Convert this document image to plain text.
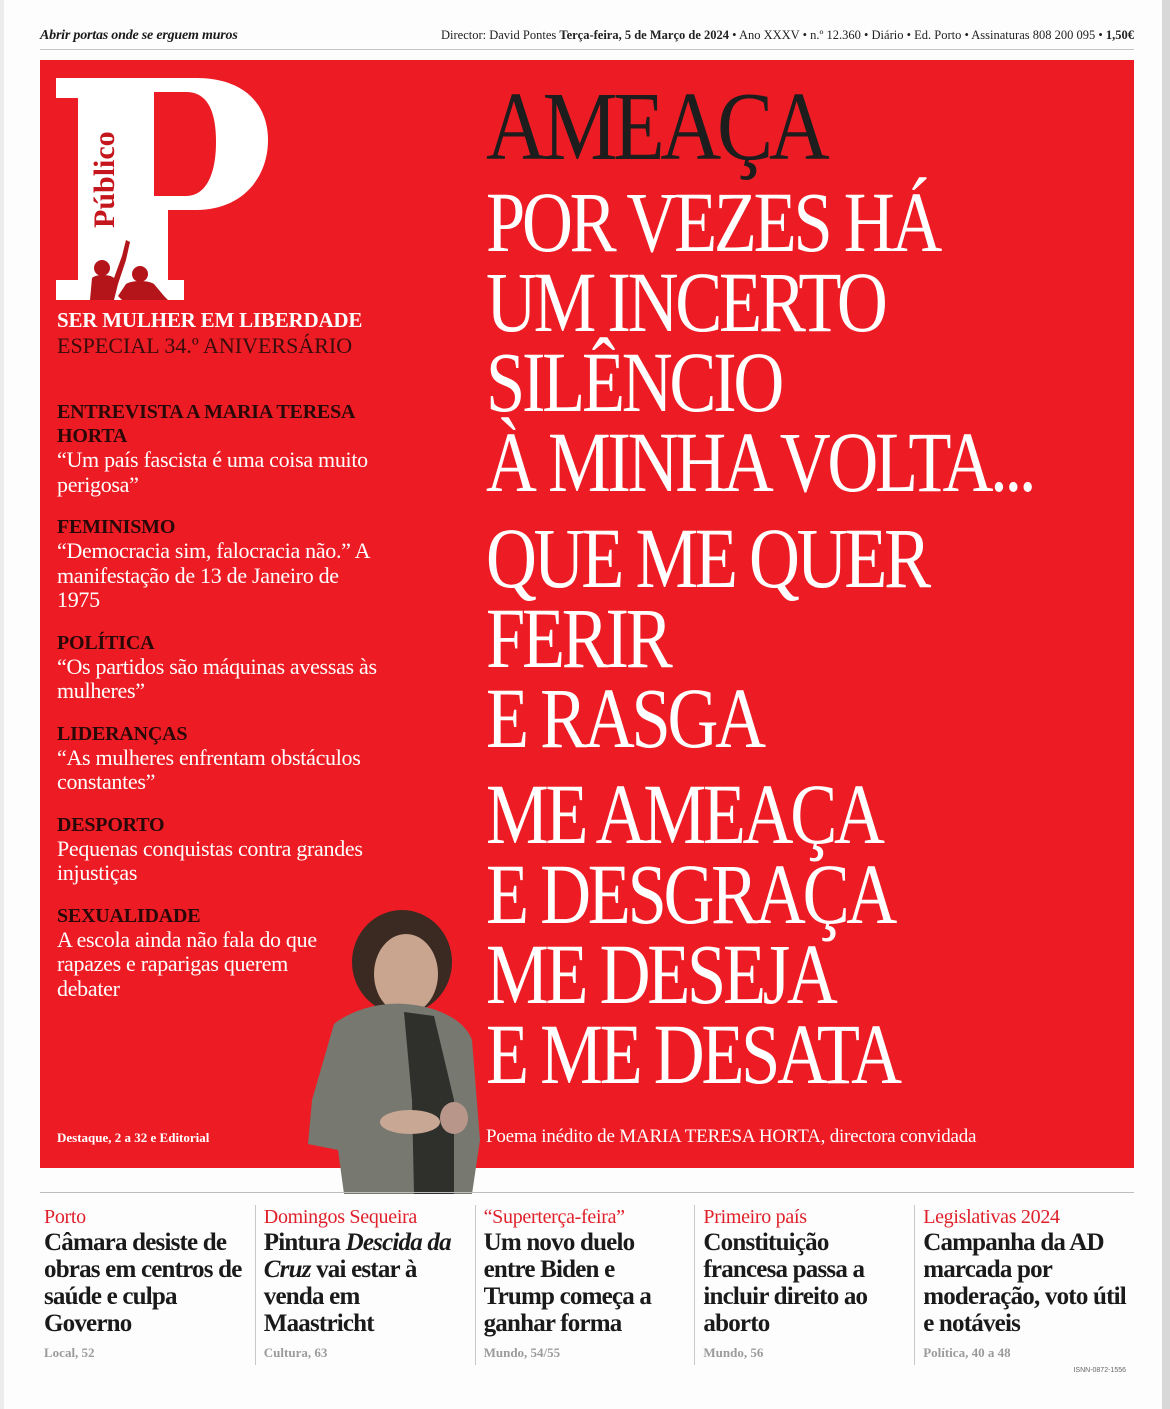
Abrir portas onde se erguem muros	Director: David Pontes Terça-feira, 5 de Março de 2024 • Ano XXXV • n.º 12.360 • Diário • Ed. Porto • Assinaturas 808 200 095 • 1,50€
Público
SER MULHER EM LIBERDADE
ESPECIAL 34.º ANIVERSÁRIO
ENTREVISTA A MARIA TERESA HORTA
“Um país fascista é uma coisa muito perigosa”
FEMINISMO
“Democracia sim, falocracia não.” A manifestação de 13 de Janeiro de 1975
POLÍTICA
“Os partidos são máquinas avessas às mulheres”
LIDERANÇAS
“As mulheres enfrentam obstáculos constantes”
DESPORTO
Pequenas conquistas contra grandes injustiças
SEXUALIDADE
A escola ainda não fala do que rapazes e raparigas querem debater
Destaque, 2 a 32 e Editorial
AMEAÇA
POR VEZES HÁ
UM INCERTO
SILÊNCIO
À MINHA VOLTA...
QUE ME QUER
FERIR
E RASGA
ME AMEAÇA
E DESGRAÇA
ME DESEJA
E ME DESATA
Poema inédito de MARIA TERESA HORTA, directora convidada
Porto
Câmara desiste de obras em centros de saúde e culpa Governo
Local, 52
Domingos Sequeira
Pintura Descida da Cruz vai estar à venda em Maastricht
Cultura, 63
“Superterça-feira”
Um novo duelo entre Biden e Trump começa a ganhar forma
Mundo, 54/55
Primeiro país
Constituição francesa passa a incluir direito ao aborto
Mundo, 56
Legislativas 2024
Campanha da AD marcada por moderação, voto útil e notáveis
Política, 40 a 48
ISNN-0872-1556
